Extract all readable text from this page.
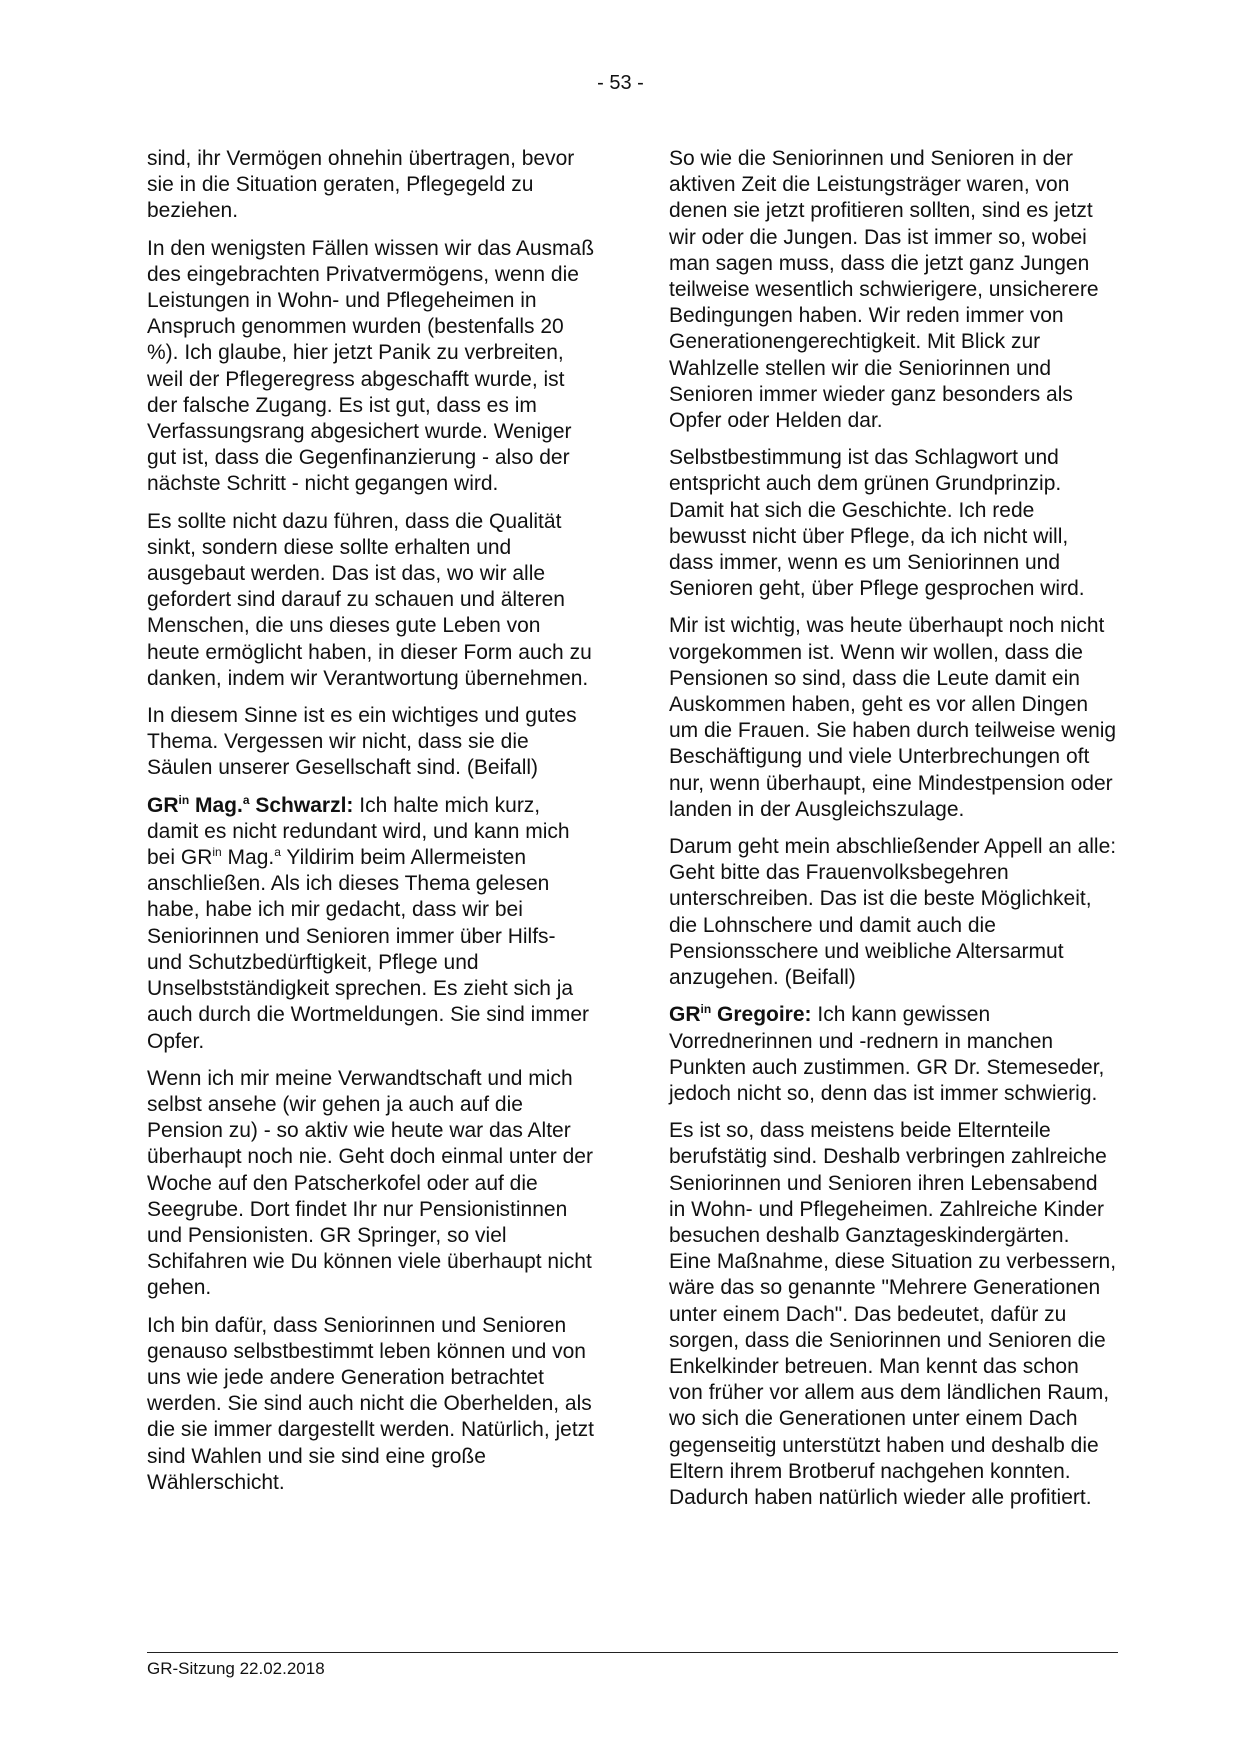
- 53 -

sind, ihr Vermögen ohnehin übertragen, bevor sie in die Situation geraten, Pflegegeld zu beziehen.

In den wenigsten Fällen wissen wir das Ausmaß des eingebrachten Privatvermögens, wenn die Leistungen in Wohn- und Pflegeheimen in Anspruch genommen wurden (bestenfalls 20 %). Ich glaube, hier jetzt Panik zu verbreiten, weil der Pflegeregress abgeschafft wurde, ist der falsche Zugang. Es ist gut, dass es im Verfassungsrang abgesichert wurde. Weniger gut ist, dass die Gegenfinanzierung - also der nächste Schritt - nicht gegangen wird.

Es sollte nicht dazu führen, dass die Qualität sinkt, sondern diese sollte erhalten und ausgebaut werden. Das ist das, wo wir alle gefordert sind darauf zu schauen und älteren Menschen, die uns dieses gute Leben von heute ermöglicht haben, in dieser Form auch zu danken, indem wir Verantwortung übernehmen.

In diesem Sinne ist es ein wichtiges und gutes Thema. Vergessen wir nicht, dass sie die Säulen unserer Gesellschaft sind. (Beifall)

$GR^{in}$ Mag.$^a$ Schwarzl: Ich halte mich kurz, damit es nicht redundant wird, und kann mich bei $GR^{in}$ Mag.$^a$ Yildirim beim Allermeisten anschließen. Als ich dieses Thema gelesen habe, habe ich mir gedacht, dass wir bei Seniorinnen und Senioren immer über Hilfs- und Schutzbedürftigkeit, Pflege und Unselbstständigkeit sprechen. Es zieht sich ja auch durch die Wortmeldungen. Sie sind immer Opfer.

Wenn ich mir meine Verwandtschaft und mich selbst ansehe (wir gehen ja auch auf die Pension zu) - so aktiv wie heute war das Alter überhaupt noch nie. Geht doch einmal unter der Woche auf den Patscherkofel oder auf die Seegrube. Dort findet Ihr nur Pensionistinnen und Pensionisten. GR Springer, so viel Schifahren wie Du können viele überhaupt nicht gehen.

Ich bin dafür, dass Seniorinnen und Senioren genauso selbstbestimmt leben können und von uns wie jede andere Generation betrachtet werden. Sie sind auch nicht die Oberhelden, als die sie immer dargestellt werden. Natürlich, jetzt sind Wahlen und sie sind eine große Wählerschicht.

So wie die Seniorinnen und Senioren in der aktiven Zeit die Leistungsträger waren, von denen sie jetzt profitieren sollten, sind es jetzt wir oder die Jungen. Das ist immer so, wobei man sagen muss, dass die jetzt ganz Jungen teilweise wesentlich schwierigere, unsicherere Bedingungen haben. Wir reden immer von Generationengerechtigkeit. Mit Blick zur Wahlzelle stellen wir die Seniorinnen und Senioren immer wieder ganz besonders als Opfer oder Helden dar.

Selbstbestimmung ist das Schlagwort und entspricht auch dem grünen Grundprinzip. Damit hat sich die Geschichte. Ich rede bewusst nicht über Pflege, da ich nicht will, dass immer, wenn es um Seniorinnen und Senioren geht, über Pflege gesprochen wird.

Mir ist wichtig, was heute überhaupt noch nicht vorgekommen ist. Wenn wir wollen, dass die Pensionen so sind, dass die Leute damit ein Auskommen haben, geht es vor allen Dingen um die Frauen. Sie haben durch teilweise wenig Beschäftigung und viele Unterbrechungen oft nur, wenn überhaupt, eine Mindestpension oder landen in der Ausgleichszulage.

Darum geht mein abschließender Appell an alle: Geht bitte das Frauenvolksbegehren unterschreiben. Das ist die beste Möglichkeit, die Lohnschere und damit auch die Pensionsschere und weibliche Altersarmut anzugehen. (Beifall)

$GR^{in}$ Gregoire: Ich kann gewissen Vorrednerinnen und -rednern in manchen Punkten auch zustimmen. GR Dr. Stemeseder, jedoch nicht so, denn das ist immer schwierig.

Es ist so, dass meistens beide Elternteile berufstätig sind. Deshalb verbringen zahlreiche Seniorinnen und Senioren ihren Lebensabend in Wohn- und Pflegeheimen. Zahlreiche Kinder besuchen deshalb Ganztageskindergärten. Eine Maßnahme, diese Situation zu verbessern, wäre das so genannte "Mehrere Generationen unter einem Dach". Das bedeutet, dafür zu sorgen, dass die Seniorinnen und Senioren die Enkelkinder betreuen. Man kennt das schon von früher vor allem aus dem ländlichen Raum, wo sich die Generationen unter einem Dach gegenseitig unterstützt haben und deshalb die Eltern ihrem Brotberuf nachgehen konnten. Dadurch haben natürlich wieder alle profitiert.

GR-Sitzung 22.02.2018
